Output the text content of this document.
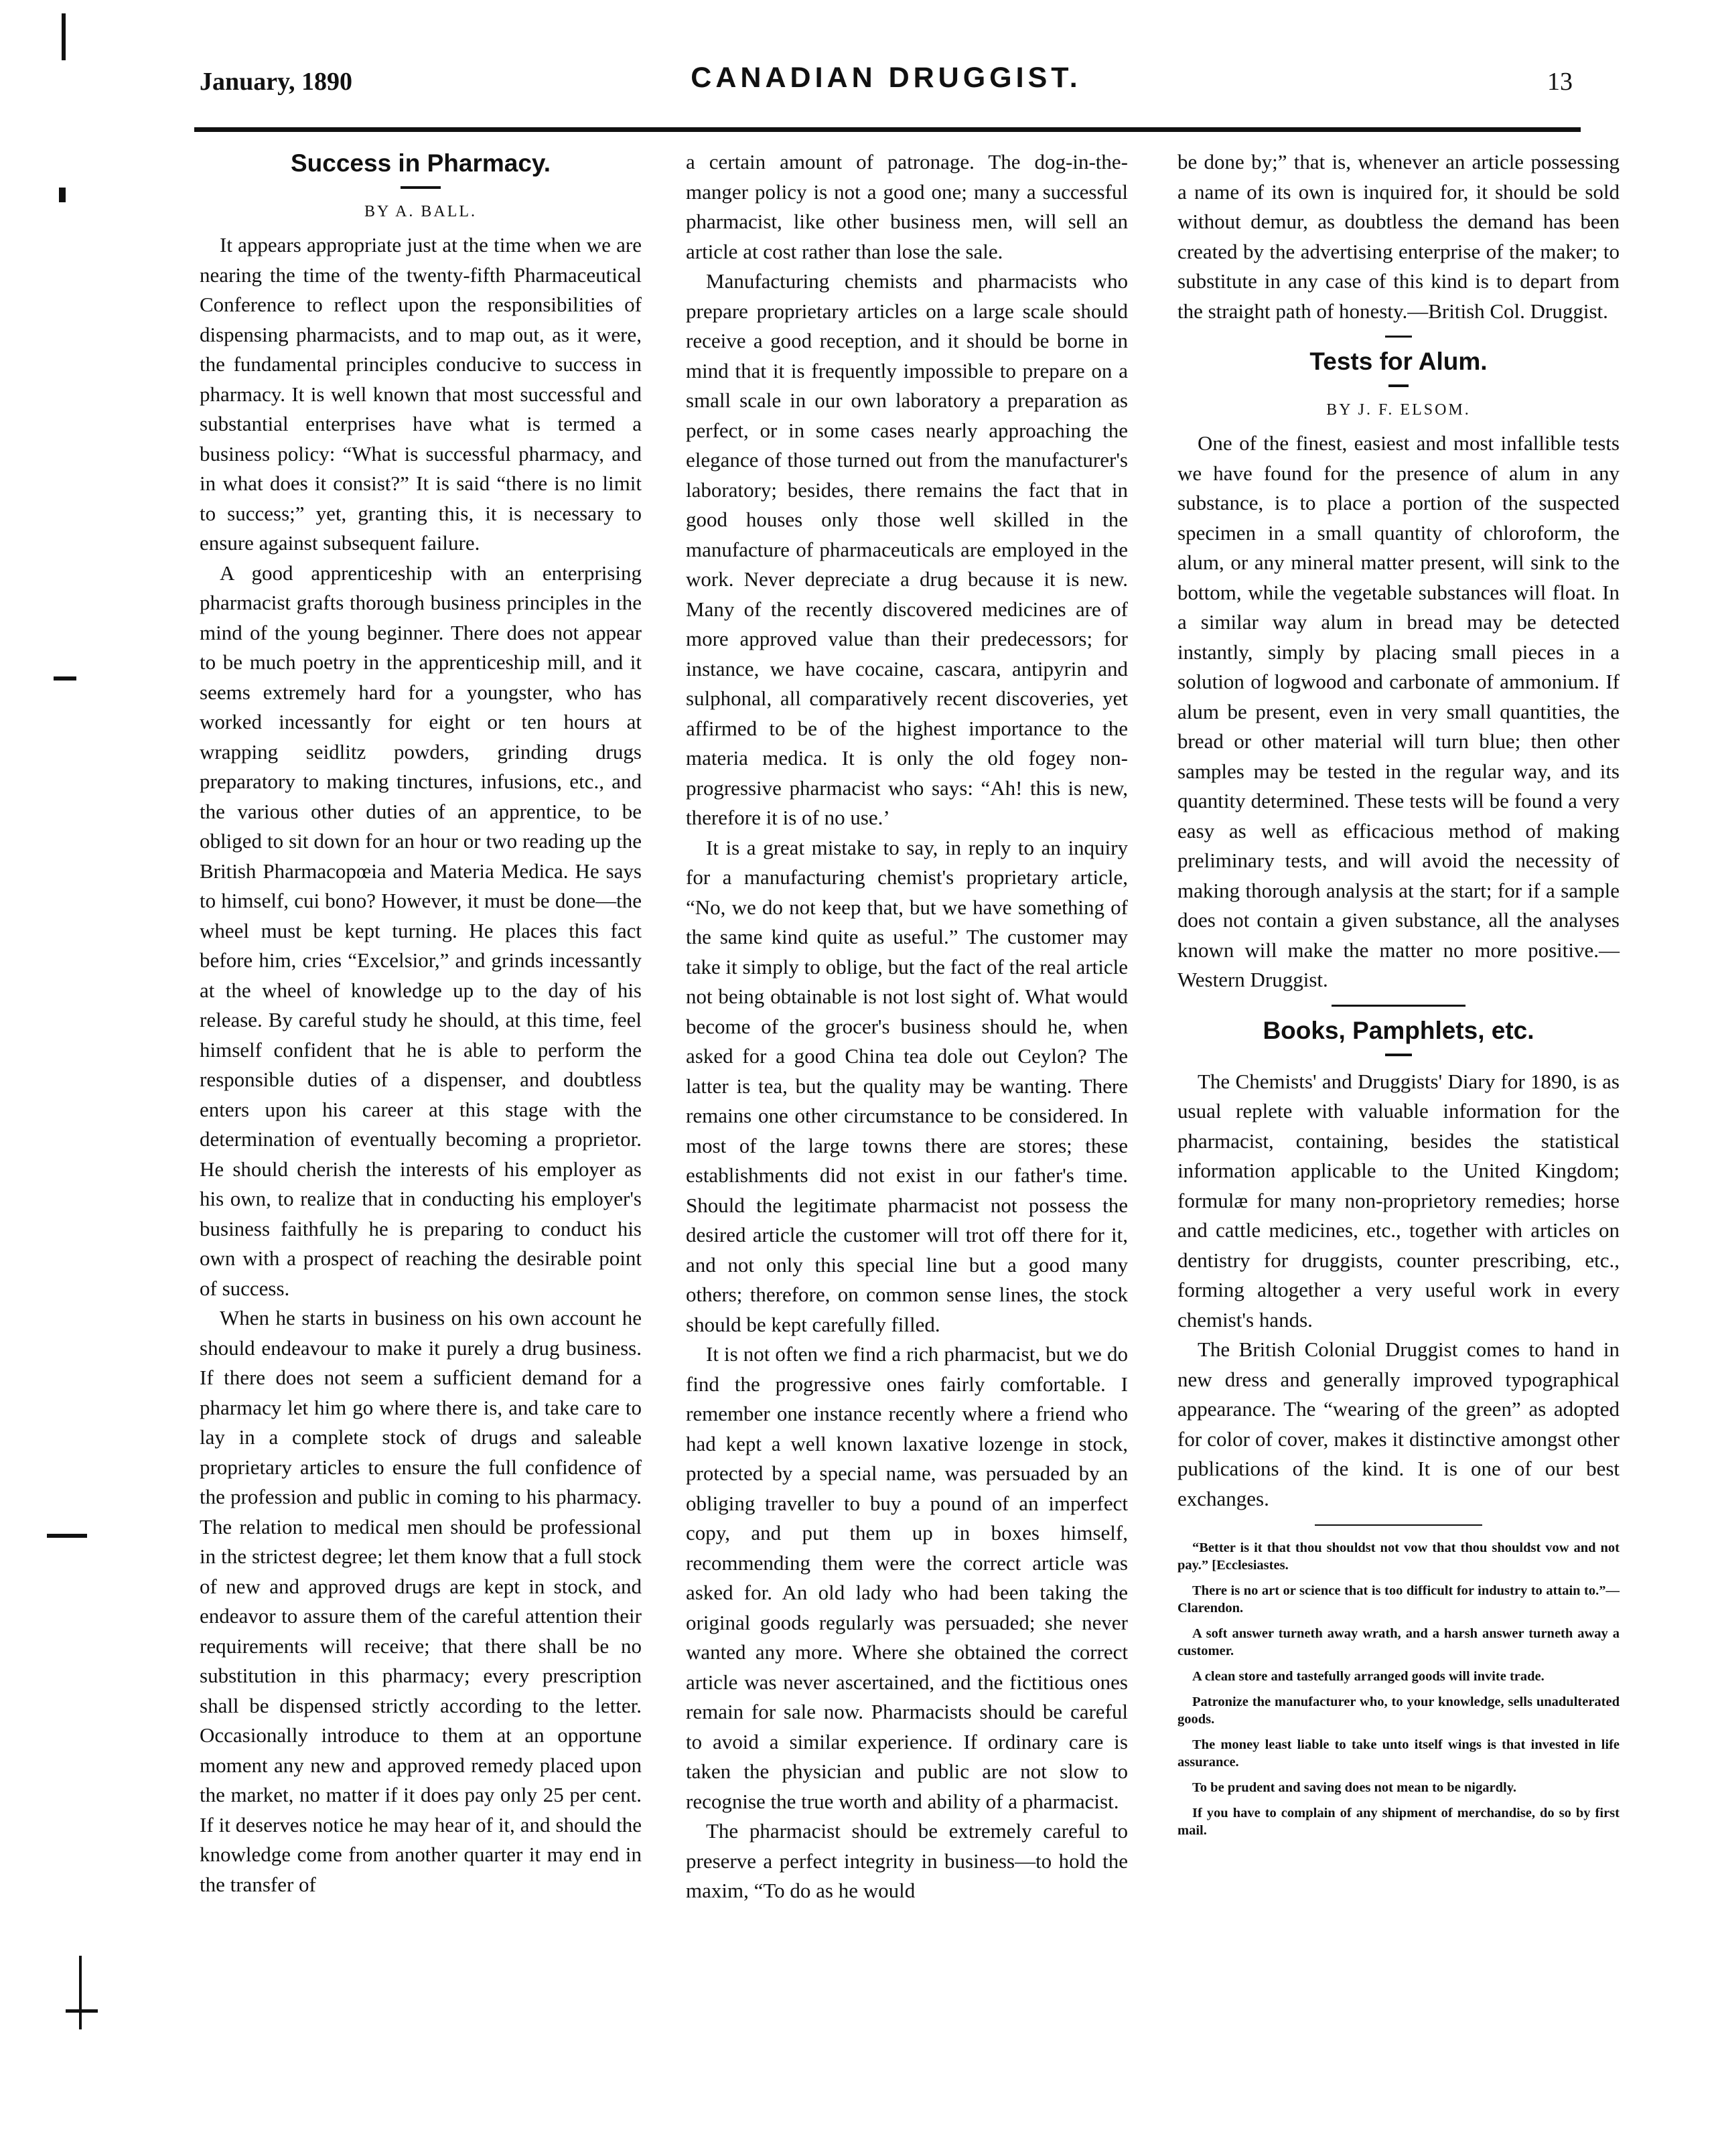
January, 1890	CANADIAN DRUGGIST.	13
Success in Pharmacy.
BY A. BALL.

It appears appropriate just at the time when we are nearing the time of the twenty-fifth Pharmaceutical Conference to reflect upon the responsibilities of dispensing pharmacists, and to map out, as it were, the fundamental principles conducive to success in pharmacy. It is well known that most successful and substantial enterprises have what is termed a business policy: “What is successful pharmacy, and in what does it consist?” It is said “there is no limit to success;” yet, granting this, it is necessary to ensure against subsequent failure.

A good apprenticeship with an enterprising pharmacist grafts thorough business principles in the mind of the young beginner. There does not appear to be much poetry in the apprenticeship mill, and it seems extremely hard for a youngster, who has worked incessantly for eight or ten hours at wrapping seidlitz powders, grinding drugs preparatory to making tinctures, infusions, etc., and the various other duties of an apprentice, to be obliged to sit down for an hour or two reading up the British Pharmacopœia and Materia Medica. He says to himself, cui bono? However, it must be done—the wheel must be kept turning. He places this fact before him, cries “Excelsior,” and grinds incessantly at the wheel of knowledge up to the day of his release. By careful study he should, at this time, feel himself confident that he is able to perform the responsible duties of a dispenser, and doubtless enters upon his career at this stage with the determination of eventually becoming a proprietor. He should cherish the interests of his employer as his own, to realize that in conducting his employer's business faithfully he is preparing to conduct his own with a prospect of reaching the desirable point of success.

When he starts in business on his own account he should endeavour to make it purely a drug business. If there does not seem a sufficient demand for a pharmacy let him go where there is, and take care to lay in a complete stock of drugs and saleable proprietary articles to ensure the full confidence of the profession and public in coming to his pharmacy. The relation to medical men should be professional in the strictest degree; let them know that a full stock of new and approved drugs are kept in stock, and endeavor to assure them of the careful attention their requirements will receive; that there shall be no substitution in this pharmacy; every prescription shall be dispensed strictly according to the letter. Occasionally introduce to them at an opportune moment any new and approved remedy placed upon the market, no matter if it does pay only 25 per cent. If it deserves notice he may hear of it, and should the knowledge come from another quarter it may end in the transfer of

a certain amount of patronage. The dog-in-the-manger policy is not a good one; many a successful pharmacist, like other business men, will sell an article at cost rather than lose the sale.

Manufacturing chemists and pharmacists who prepare proprietary articles on a large scale should receive a good reception, and it should be borne in mind that it is frequently impossible to prepare on a small scale in our own laboratory a preparation as perfect, or in some cases nearly approaching the elegance of those turned out from the manufacturer's laboratory; besides, there remains the fact that in good houses only those well skilled in the manufacture of pharmaceuticals are employed in the work. Never depreciate a drug because it is new. Many of the recently discovered medicines are of more approved value than their predecessors; for instance, we have cocaine, cascara, antipyrin and sulphonal, all comparatively recent discoveries, yet affirmed to be of the highest importance to the materia medica. It is only the old fogey non-progressive pharmacist who says: “Ah! this is new, therefore it is of no use.’

It is a great mistake to say, in reply to an inquiry for a manufacturing chemist's proprietary article, “No, we do not keep that, but we have something of the same kind quite as useful.” The customer may take it simply to oblige, but the fact of the real article not being obtainable is not lost sight of. What would become of the grocer's business should he, when asked for a good China tea dole out Ceylon? The latter is tea, but the quality may be wanting. There remains one other circumstance to be considered. In most of the large towns there are stores; these establishments did not exist in our father's time. Should the legitimate pharmacist not possess the desired article the customer will trot off there for it, and not only this special line but a good many others; therefore, on common sense lines, the stock should be kept carefully filled.

It is not often we find a rich pharmacist, but we do find the progressive ones fairly comfortable. I remember one instance recently where a friend who had kept a well known laxative lozenge in stock, protected by a special name, was persuaded by an obliging traveller to buy a pound of an imperfect copy, and put them up in boxes himself, recommending them were the correct article was asked for. An old lady who had been taking the original goods regularly was persuaded; she never wanted any more. Where she obtained the correct article was never ascertained, and the fictitious ones remain for sale now. Pharmacists should be careful to avoid a similar experience. If ordinary care is taken the physician and public are not slow to recognise the true worth and ability of a pharmacist.

The pharmacist should be extremely careful to preserve a perfect integrity in business—to hold the maxim, “To do as he would

be done by;” that is, whenever an article possessing a name of its own is inquired for, it should be sold without demur, as doubtless the demand has been created by the advertising enterprise of the maker; to substitute in any case of this kind is to depart from the straight path of honesty.—British Col. Druggist.

Tests for Alum.
BY J. F. ELSOM.

One of the finest, easiest and most infallible tests we have found for the presence of alum in any substance, is to place a portion of the suspected specimen in a small quantity of chloroform, the alum, or any mineral matter present, will sink to the bottom, while the vegetable substances will float. In a similar way alum in bread may be detected instantly, simply by placing small pieces in a solution of logwood and carbonate of ammonium. If alum be present, even in very small quantities, the bread or other material will turn blue; then other samples may be tested in the regular way, and its quantity determined. These tests will be found a very easy as well as efficacious method of making preliminary tests, and will avoid the necessity of making thorough analysis at the start; for if a sample does not contain a given substance, all the analyses known will make the matter no more positive.—Western Druggist.

Books, Pamphlets, etc.

The Chemists' and Druggists' Diary for 1890, is as usual replete with valuable information for the pharmacist, containing, besides the statistical information applicable to the United Kingdom; formulæ for many non-proprietory remedies; horse and cattle medicines, etc., together with articles on dentistry for druggists, counter prescribing, etc., forming altogether a very useful work in every chemist's hands.

The British Colonial Druggist comes to hand in new dress and generally improved typographical appearance. The “wearing of the green” as adopted for color of cover, makes it distinctive amongst other publications of the kind. It is one of our best exchanges.

“Better is it that thou shouldst not vow that thou shouldst vow and not pay.” [Ecclesiastes.

There is no art or science that is too difficult for industry to attain to.”—Clarendon.

A soft answer turneth away wrath, and a harsh answer turneth away a customer.

A clean store and tastefully arranged goods will invite trade.

Patronize the manufacturer who, to your knowledge, sells unadulterated goods.

The money least liable to take unto itself wings is that invested in life assurance.

To be prudent and saving does not mean to be nigardly.

If you have to complain of any shipment of merchandise, do so by first mail.
